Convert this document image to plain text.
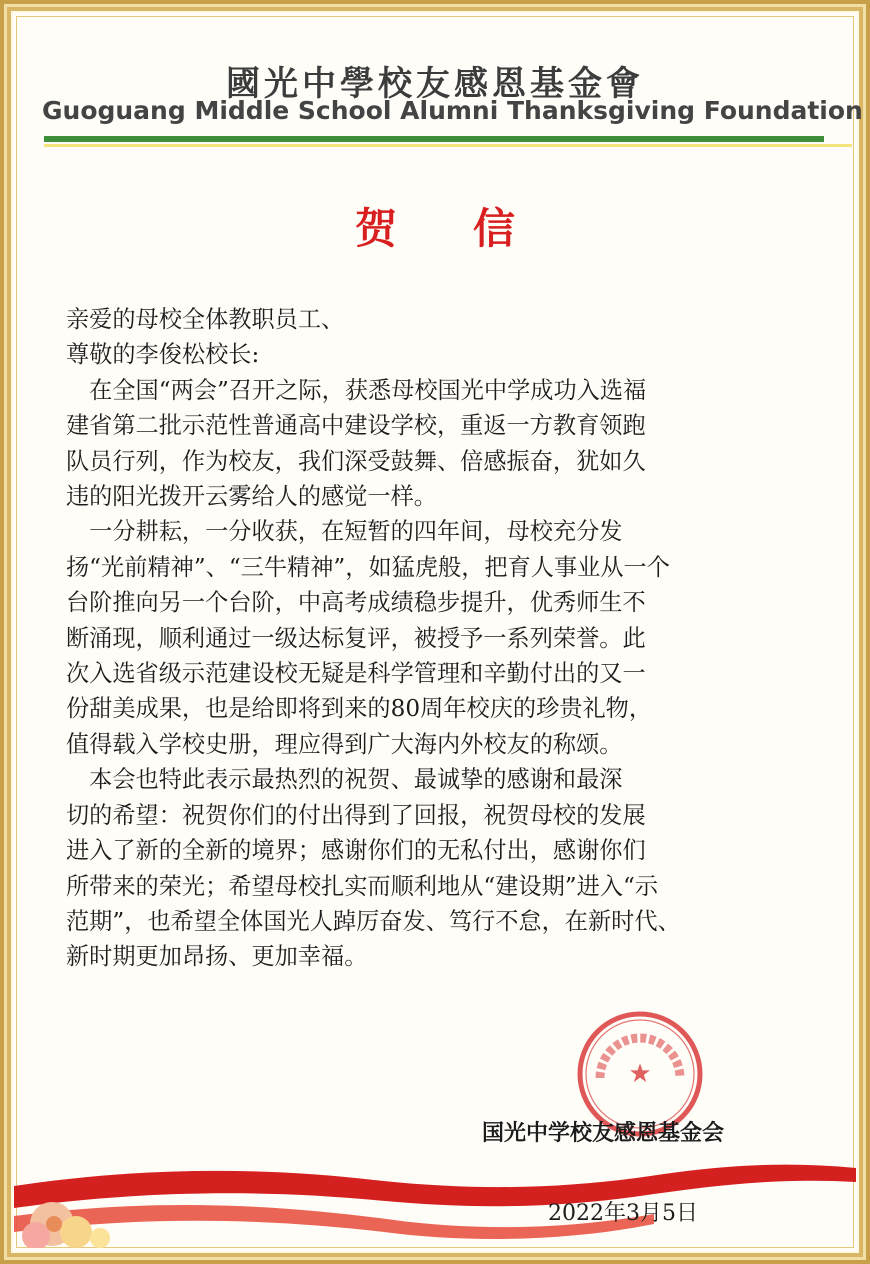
國光中學校友感恩基金會
Guoguang Middle School Alumni Thanksgiving Foundation
贺信

亲爱的母校全体教职员工、

尊敬的李俊松校长:

　在全国“两会”召开之际，获悉母校国光中学成功入选福

建省第二批示范性普通高中建设学校，重返一方教育领跑

队员行列，作为校友，我们深受鼓舞、倍感振奋，犹如久

违的阳光拨开云雾给人的感觉一样。

　一分耕耘，一分收获，在短暂的四年间，母校充分发

扬“光前精神”、“三牛精神”，如猛虎般，把育人事业从一个

台阶推向另一个台阶，中高考成绩稳步提升，优秀师生不

断涌现，顺利通过一级达标复评，被授予一系列荣誉。此

次入选省级示范建设校无疑是科学管理和辛勤付出的又一

份甜美成果，也是给即将到来的80周年校庆的珍贵礼物，

值得载入学校史册，理应得到广大海内外校友的称颂。

　本会也特此表示最热烈的祝贺、最诚挚的感谢和最深

切的希望：祝贺你们的付出得到了回报，祝贺母校的发展

进入了新的全新的境界；感谢你们的无私付出，感谢你们

所带来的荣光；希望母校扎实而顺利地从“建设期”进入“示

范期”，也希望全体国光人踔厉奋发、笃行不怠，在新时代、

新时期更加昂扬、更加幸福。

★
国光中学校友感恩基金会
2022年3月5日
